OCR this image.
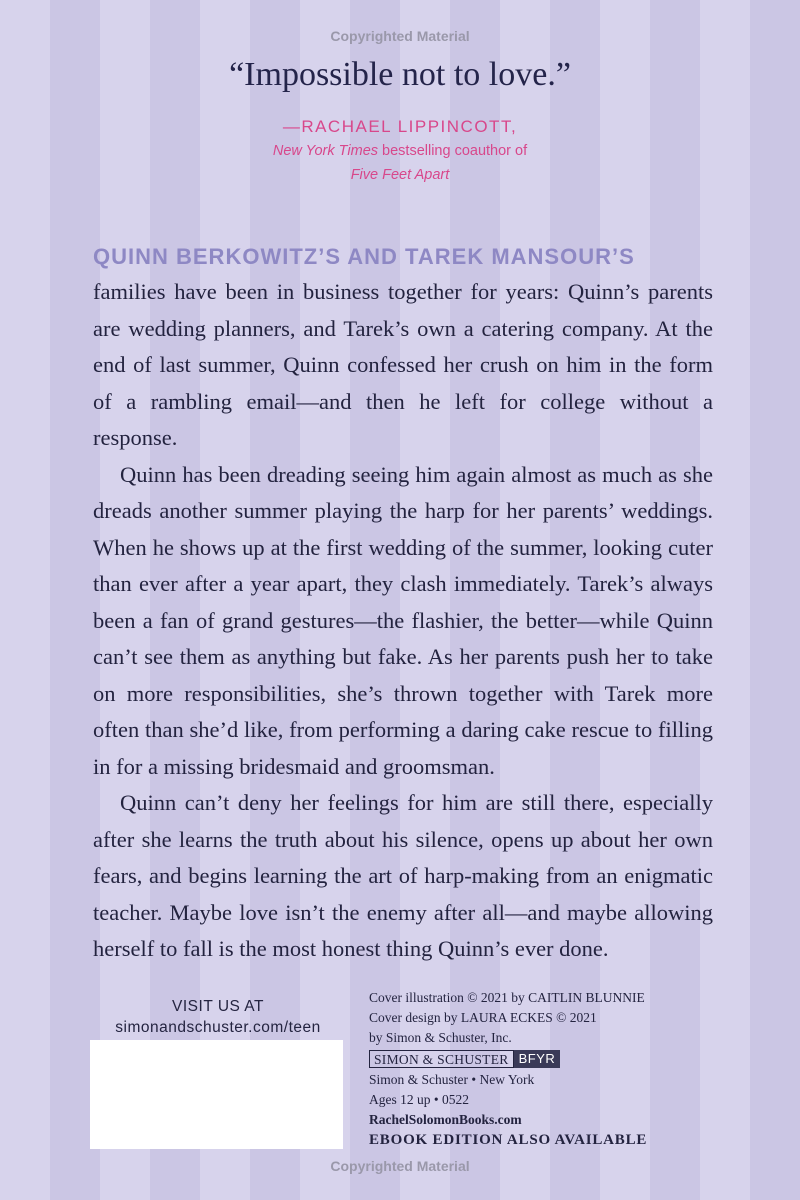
Copyrighted Material
“Impossible not to love.”
—RACHAEL LIPPINCOTT,
New York Times bestselling coauthor of
Five Feet Apart
QUINN BERKOWITZ’S AND TAREK MANSOUR’S

families have been in business together for years: Quinn’s parents are wedding planners, and Tarek’s own a catering company. At the end of last summer, Quinn confessed her crush on him in the form of a rambling email—and then he left for college without a response.

Quinn has been dreading seeing him again almost as much as she dreads another summer playing the harp for her parents’ weddings. When he shows up at the first wedding of the summer, looking cuter than ever after a year apart, they clash immediately. Tarek’s always been a fan of grand gestures—the flashier, the better—while Quinn can’t see them as anything but fake. As her parents push her to take on more responsibilities, she’s thrown together with Tarek more often than she’d like, from performing a daring cake rescue to filling in for a missing bridesmaid and groomsman.

Quinn can’t deny her feelings for him are still there, especially after she learns the truth about his silence, opens up about her own fears, and begins learning the art of harp-making from an enigmatic teacher. Maybe love isn’t the enemy after all—and maybe allowing herself to fall is the most honest thing Quinn’s ever done.

VISIT US AT
simonandschuster.com/teen
Cover illustration © 2021 by CAITLIN BLUNNIE
Cover design by LAURA ECKES © 2021
by Simon & Schuster, Inc.
SIMON & SCHUSTER BFYR
Simon & Schuster • New York
Ages 12 up • 0522
RachelSolomonBooks.com
EBOOK EDITION ALSO AVAILABLE
Copyrighted Material
